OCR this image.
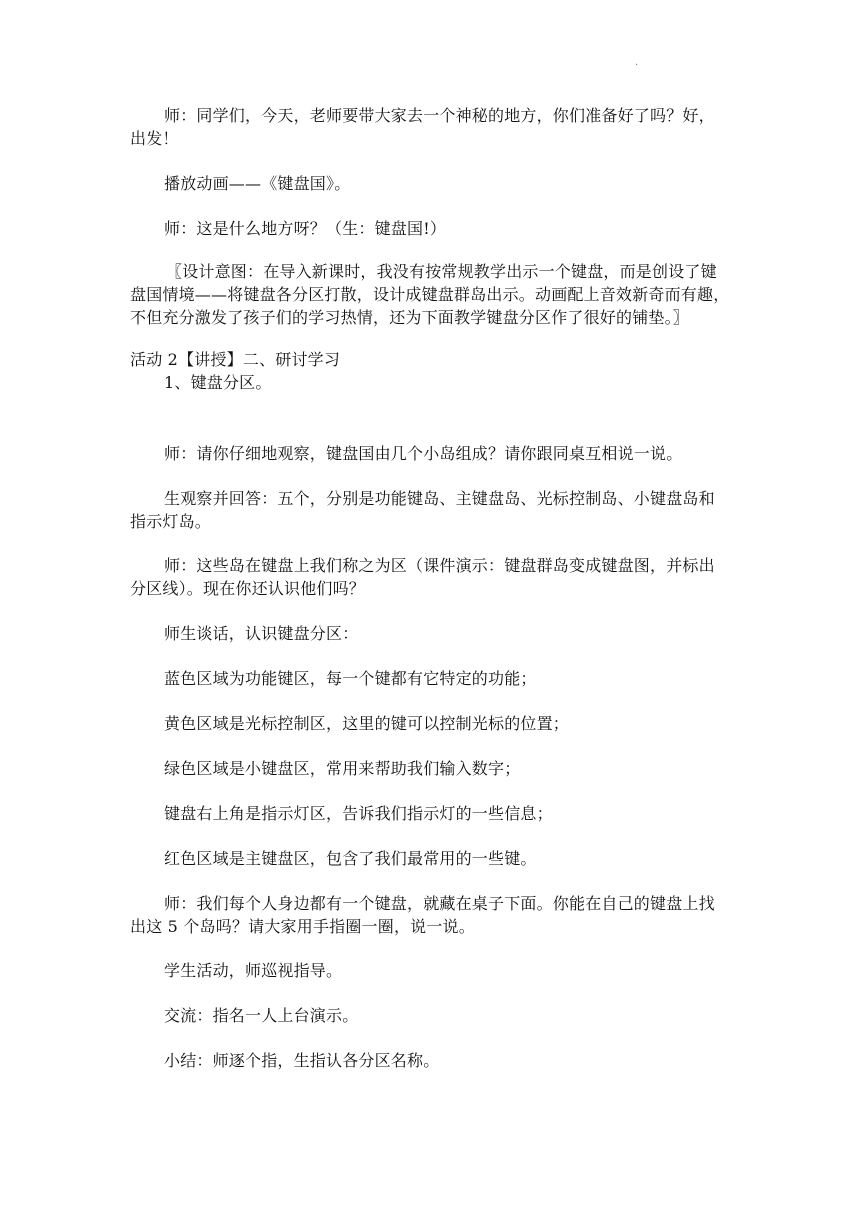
.
师：同学们，今天，老师要带大家去一个神秘的地方，你们准备好了吗？好，出发！
播放动画——《键盘国》。
师：这是什么地方呀？（生：键盘国!）
〖设计意图：在导入新课时，我没有按常规教学出示一个键盘，而是创设了键盘国情境——将键盘各分区打散，设计成键盘群岛出示。动画配上音效新奇而有趣，不但充分激发了孩子们的学习热情，还为下面教学键盘分区作了很好的铺垫。〗
活动 2【讲授】二、研讨学习
1、键盘分区。
师：请你仔细地观察，键盘国由几个小岛组成？请你跟同桌互相说一说。
生观察并回答：五个，分别是功能键岛、主键盘岛、光标控制岛、小键盘岛和指示灯岛。
师：这些岛在键盘上我们称之为区（课件演示：键盘群岛变成键盘图，并标出分区线）。现在你还认识他们吗？
师生谈话，认识键盘分区：
蓝色区域为功能键区，每一个键都有它特定的功能；
黄色区域是光标控制区，这里的键可以控制光标的位置；
绿色区域是小键盘区，常用来帮助我们输入数字；
键盘右上角是指示灯区，告诉我们指示灯的一些信息；
红色区域是主键盘区，包含了我们最常用的一些键。
师：我们每个人身边都有一个键盘，就藏在桌子下面。你能在自己的键盘上找出这 5 个岛吗？请大家用手指圈一圈，说一说。
学生活动，师巡视指导。
交流：指名一人上台演示。
小结：师逐个指，生指认各分区名称。
